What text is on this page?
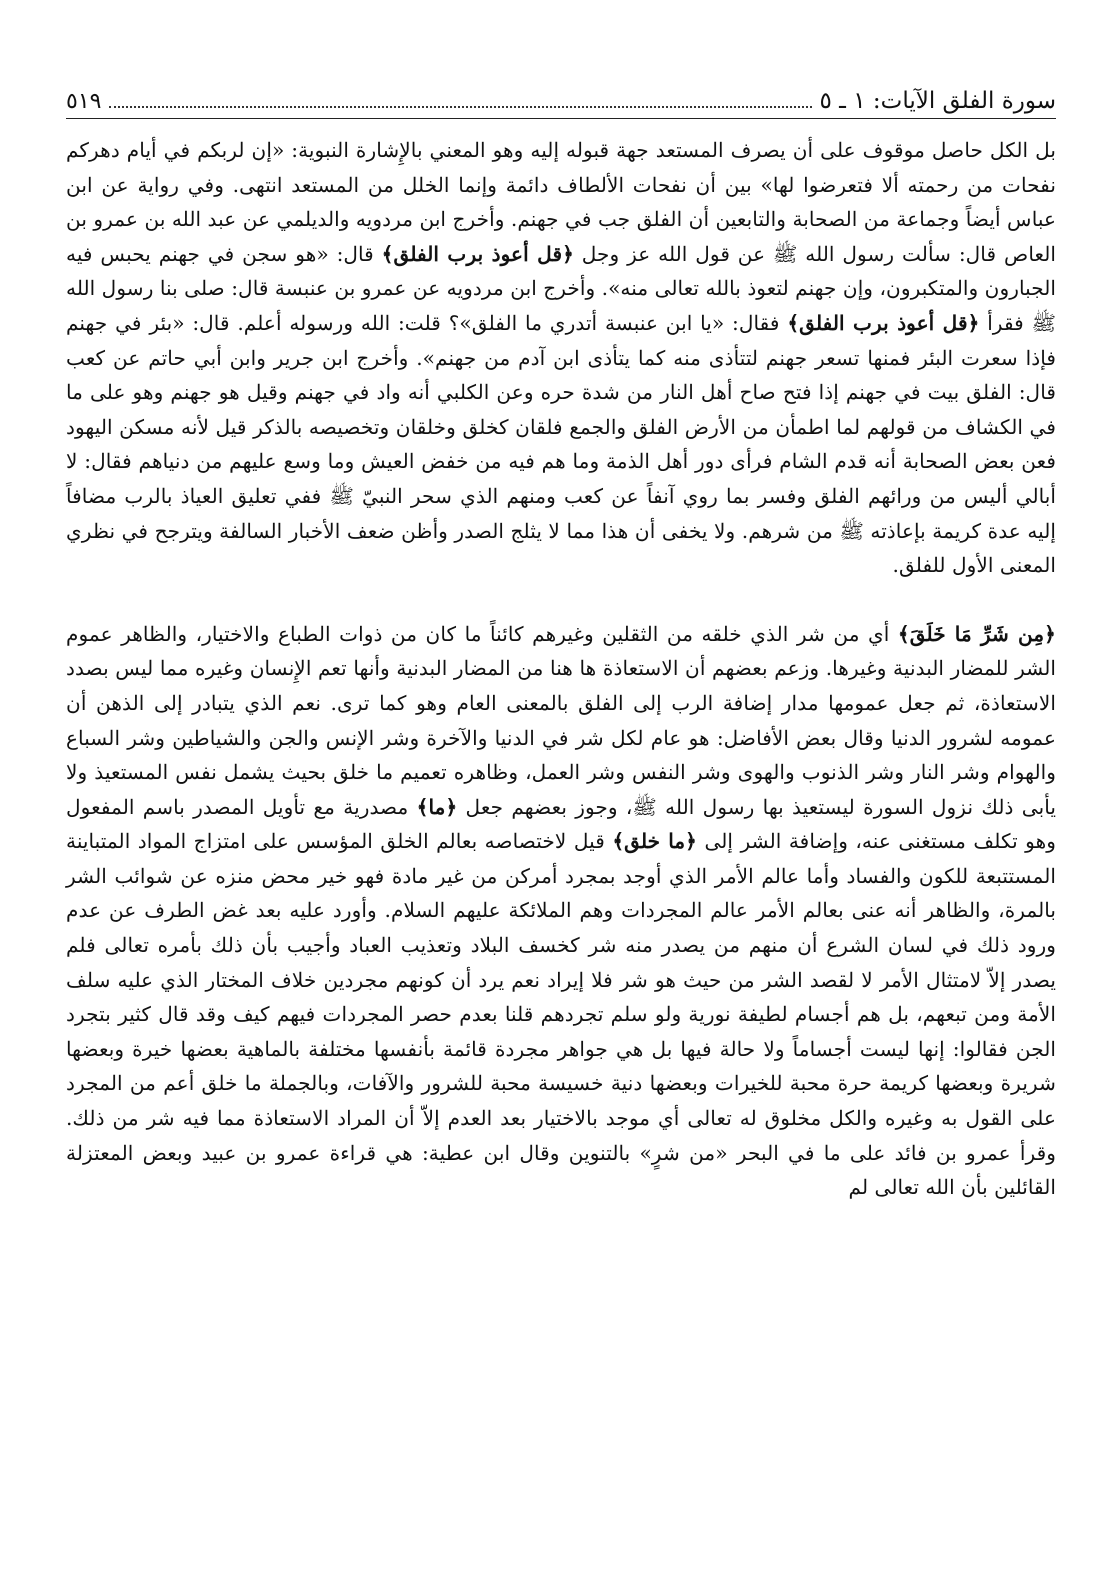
سورة الفلق الآيات: ١ ـ ٥
٥١٩

بل الكل حاصل موقوف على أن يصرف المستعد جهة قبوله إليه وهو المعني بالإِشارة النبوية: «إن لربكم في أيام دهركم نفحات من رحمته ألا فتعرضوا لها» بين أن نفحات الألطاف دائمة وإنما الخلل من المستعد انتهى. وفي رواية عن ابن عباس أيضاً وجماعة من الصحابة والتابعين أن الفلق جب في جهنم. وأخرج ابن مردويه والديلمي عن عبد الله بن عمرو بن العاص قال: سألت رسول الله ﷺ عن قول الله عز وجل ﴿قل أعوذ برب الفلق﴾ قال: «هو سجن في جهنم يحبس فيه الجبارون والمتكبرون، وإن جهنم لتعوذ بالله تعالى منه». وأخرج ابن مردويه عن عمرو بن عنبسة قال: صلى بنا رسول الله ﷺ فقرأ ﴿قل أعوذ برب الفلق﴾ فقال: «يا ابن عنبسة أتدري ما الفلق»؟ قلت: الله ورسوله أعلم. قال: «بئر في جهنم فإذا سعرت البئر فمنها تسعر جهنم لتتأذى منه كما يتأذى ابن آدم من جهنم». وأخرج ابن جرير وابن أبي حاتم عن كعب قال: الفلق بيت في جهنم إذا فتح صاح أهل النار من شدة حره وعن الكلبي أنه واد في جهنم وقيل هو جهنم وهو على ما في الكشاف من قولهم لما اطمأن من الأرض الفلق والجمع فلقان كخلق وخلقان وتخصيصه بالذكر قيل لأنه مسكن اليهود فعن بعض الصحابة أنه قدم الشام فرأى دور أهل الذمة وما هم فيه من خفض العيش وما وسع عليهم من دنياهم فقال: لا أبالي أليس من ورائهم الفلق وفسر بما روي آنفاً عن كعب ومنهم الذي سحر النبيّ ﷺ ففي تعليق العياذ بالرب مضافاً إليه عدة كريمة بإعاذته ﷺ من شرهم. ولا يخفى أن هذا مما لا يثلج الصدر وأظن ضعف الأخبار السالفة ويترجح في نظري المعنى الأول للفلق.

﴿مِن شَرِّ مَا خَلَقَ﴾ أي من شر الذي خلقه من الثقلين وغيرهم كائناً ما كان من ذوات الطباع والاختيار، والظاهر عموم الشر للمضار البدنية وغيرها. وزعم بعضهم أن الاستعاذة ها هنا من المضار البدنية وأنها تعم الإِنسان وغيره مما ليس بصدد الاستعاذة، ثم جعل عمومها مدار إضافة الرب إلى الفلق بالمعنى العام وهو كما ترى. نعم الذي يتبادر إلى الذهن أن عمومه لشرور الدنيا وقال بعض الأفاضل: هو عام لكل شر في الدنيا والآخرة وشر الإنس والجن والشياطين وشر السباع والهوام وشر النار وشر الذنوب والهوى وشر النفس وشر العمل، وظاهره تعميم ما خلق بحيث يشمل نفس المستعيذ ولا يأبى ذلك نزول السورة ليستعيذ بها رسول الله ﷺ، وجوز بعضهم جعل ﴿ما﴾ مصدرية مع تأويل المصدر باسم المفعول وهو تكلف مستغنى عنه، وإضافة الشر إلى ﴿ما خلق﴾ قيل لاختصاصه بعالم الخلق المؤسس على امتزاج المواد المتباينة المستتبعة للكون والفساد وأما عالم الأمر الذي أوجد بمجرد أمركن من غير مادة فهو خير محض منزه عن شوائب الشر بالمرة، والظاهر أنه عنى بعالم الأمر عالم المجردات وهم الملائكة عليهم السلام. وأورد عليه بعد غض الطرف عن عدم ورود ذلك في لسان الشرع أن منهم من يصدر منه شر كخسف البلاد وتعذيب العباد وأجيب بأن ذلك بأمره تعالى فلم يصدر إلاّ لامتثال الأمر لا لقصد الشر من حيث هو شر فلا إيراد نعم يرد أن كونهم مجردين خلاف المختار الذي عليه سلف الأمة ومن تبعهم، بل هم أجسام لطيفة نورية ولو سلم تجردهم قلنا بعدم حصر المجردات فيهم كيف وقد قال كثير بتجرد الجن فقالوا: إنها ليست أجساماً ولا حالة فيها بل هي جواهر مجردة قائمة بأنفسها مختلفة بالماهية بعضها خيرة وبعضها شريرة وبعضها كريمة حرة محبة للخيرات وبعضها دنية خسيسة محبة للشرور والآفات، وبالجملة ما خلق أعم من المجرد على القول به وغيره والكل مخلوق له تعالى أي موجد بالاختيار بعد العدم إلاّ أن المراد الاستعاذة مما فيه شر من ذلك. وقرأ عمرو بن فائد على ما في البحر «من شرٍ» بالتنوين وقال ابن عطية: هي قراءة عمرو بن عبيد وبعض المعتزلة القائلين بأن الله تعالى لم
